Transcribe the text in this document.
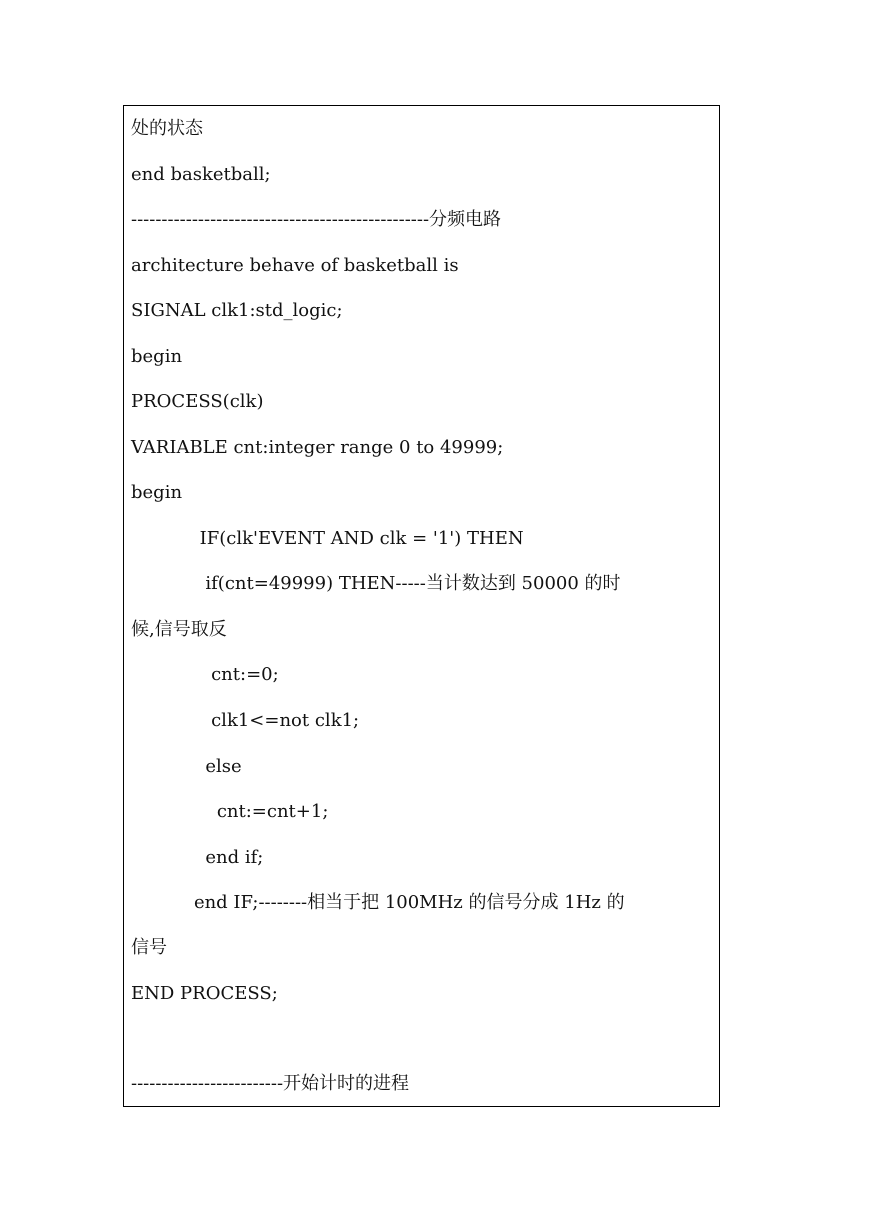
处的状态
end basketball;
-------------------------------------------------分频电路
architecture behave of basketball is
SIGNAL clk1:std_logic;
begin
PROCESS(clk)
VARIABLE cnt:integer range 0 to 49999;
begin
IF(clk'EVENT AND clk = '1') THEN
if(cnt=49999) THEN-----当计数达到 50000 的时
候,信号取反
cnt:=0;
clk1<=not clk1;
else
cnt:=cnt+1;
end if;
end IF;--------相当于把 100MHz 的信号分成 1Hz 的
信号
END PROCESS;
-------------------------开始计时的进程
